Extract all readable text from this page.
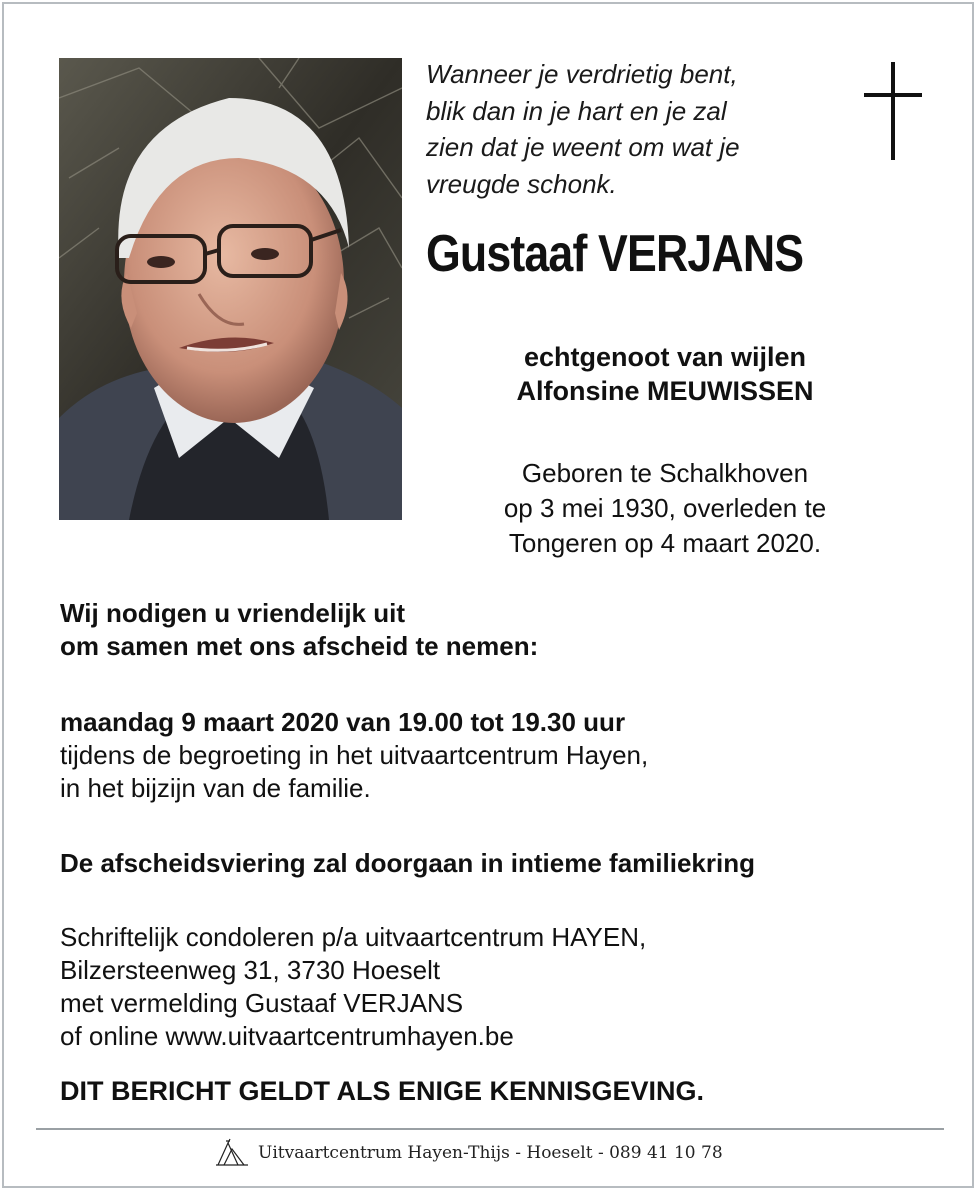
Wanneer je verdrietig bent,
blik dan in je hart en je zal
zien dat je weent om wat je
vreugde schonk.
Gustaaf VERJANS
echtgenoot van wijlen
Alfonsine MEUWISSEN
Geboren te Schalkhoven
op 3 mei 1930, overleden te
Tongeren op 4 maart 2020.
Wij nodigen u vriendelijk uit
om samen met ons afscheid te nemen:
maandag 9 maart 2020 van 19.00 tot 19.30 uur
tijdens de begroeting in het uitvaartcentrum Hayen,
in het bijzijn van de familie.
De afscheidsviering zal doorgaan in intieme familiekring
Schriftelijk condoleren p/a uitvaartcentrum HAYEN,
Bilzersteenweg 31, 3730 Hoeselt
met vermelding Gustaaf VERJANS
of online www.uitvaartcentrumhayen.be
DIT BERICHT GELDT ALS ENIGE KENNISGEVING.
Uitvaartcentrum Hayen-Thijs - Hoeselt - 089 41 10 78
